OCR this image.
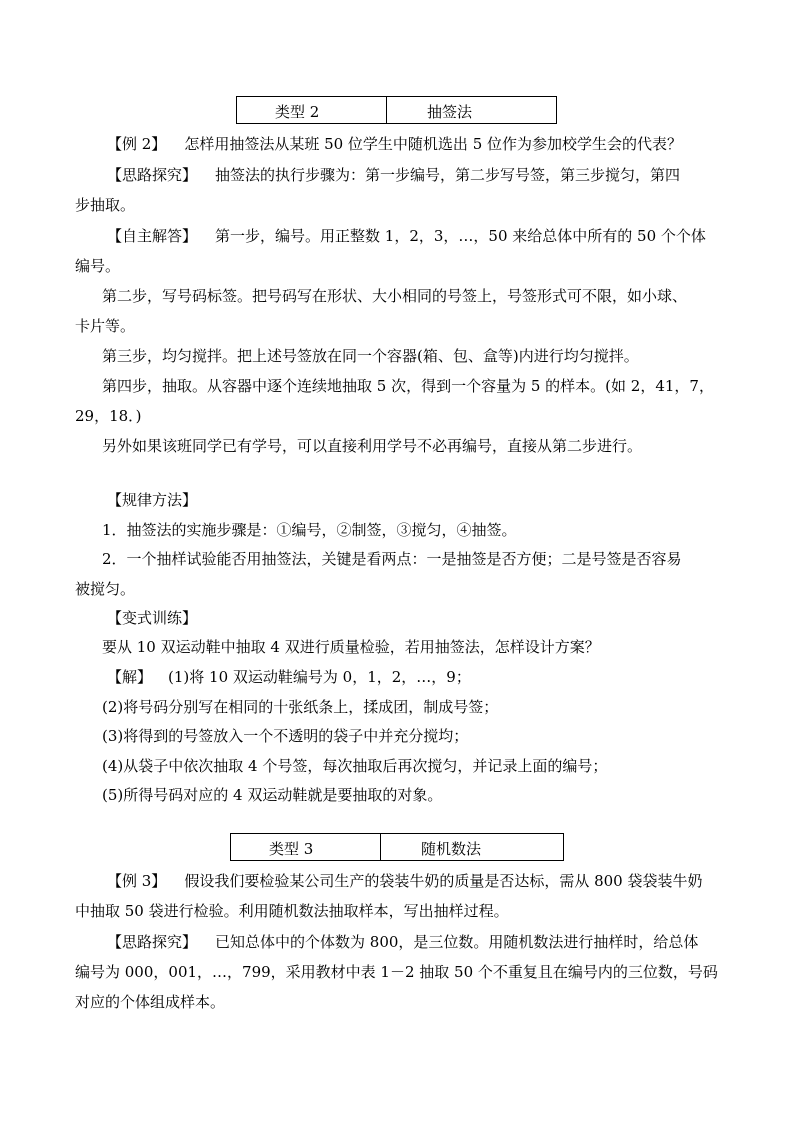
类型 2	抽签法
【例 2】 怎样用抽签法从某班 50 位学生中随机选出 5 位作为参加校学生会的代表？
【思路探究】 抽签法的执行步骤为：第一步编号，第二步写号签，第三步搅匀，第四
步抽取。
【自主解答】 第一步，编号。用正整数 1，2，3，…，50 来给总体中所有的 50 个个体
编号。
第二步，写号码标签。把号码写在形状、大小相同的号签上，号签形式可不限，如小球、
卡片等。
第三步，均匀搅拌。把上述号签放在同一个容器(箱、包、盒等)内进行均匀搅拌。
第四步，抽取。从容器中逐个连续地抽取 5 次，得到一个容量为 5 的样本。(如 2，41，7，
29，18．)
另外如果该班同学已有学号，可以直接利用学号不必再编号，直接从第二步进行。
【规律方法】
1．抽签法的实施步骤是：①编号，②制签，③搅匀，④抽签。
2．一个抽样试验能否用抽签法，关键是看两点：一是抽签是否方便；二是号签是否容易
被搅匀。
【变式训练】
要从 10 双运动鞋中抽取 4 双进行质量检验，若用抽签法，怎样设计方案？
【解】 (1)将 10 双运动鞋编号为 0，1，2，…，9；
(2)将号码分别写在相同的十张纸条上，揉成团，制成号签；
(3)将得到的号签放入一个不透明的袋子中并充分搅均；
(4)从袋子中依次抽取 4 个号签，每次抽取后再次搅匀，并记录上面的编号；
(5)所得号码对应的 4 双运动鞋就是要抽取的对象。
类型 3	随机数法
【例 3】 假设我们要检验某公司生产的袋装牛奶的质量是否达标，需从 800 袋袋装牛奶
中抽取 50 袋进行检验。利用随机数法抽取样本，写出抽样过程。
【思路探究】 已知总体中的个体数为 800，是三位数。用随机数法进行抽样时，给总体
编号为 000，001，…，799，采用教材中表 1－2 抽取 50 个不重复且在编号内的三位数，号码
对应的个体组成样本。
